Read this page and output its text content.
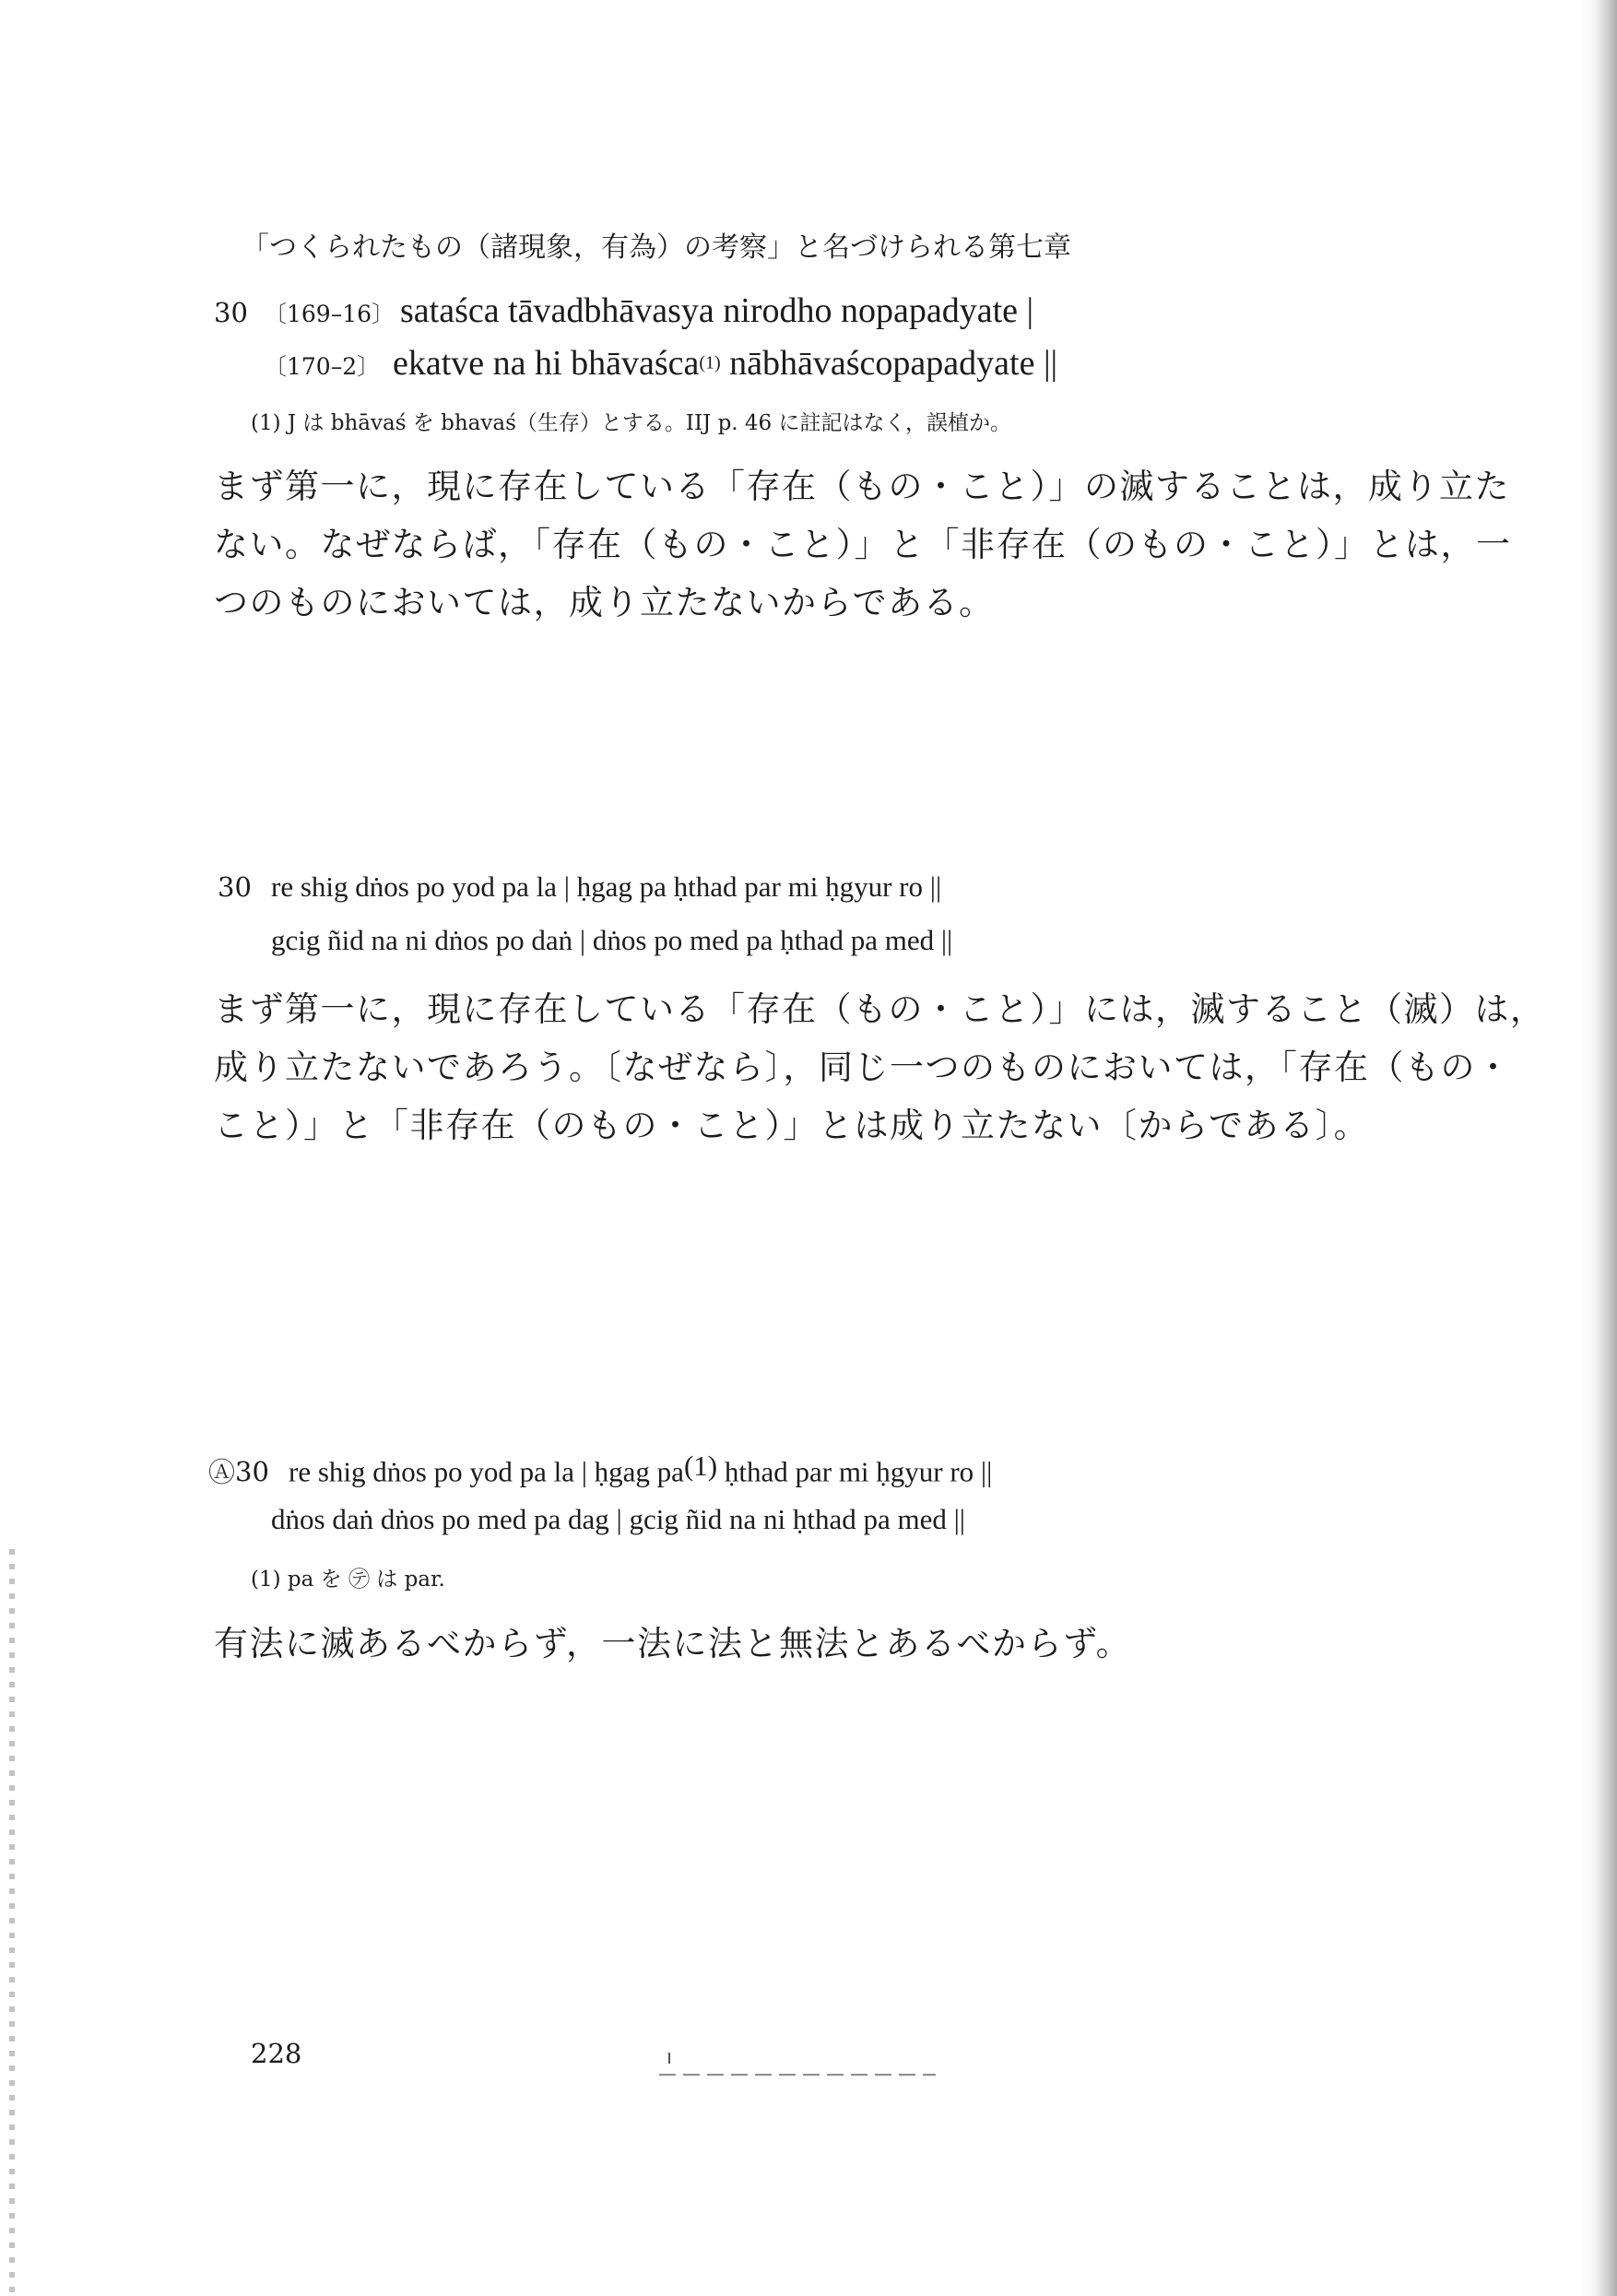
「つくられたもの（諸現象，有為）の考察」と名づけられる第七章
30 〔169–16〕 sataśca tāvadbhāvasya nirodho nopapadyate |
〔170–2〕 ekatve na hi bhāvaśca(1) nābhāvaścopapadyate ||
(1) J は bhāvaś を bhavaś（生存）とする。IIJ p. 46 に註記はなく，誤植か。
まず第一に，現に存在している「存在（もの・こと）」の滅することは，成り立た
ない。なぜならば，「存在（もの・こと）」と「非存在（のもの・こと）」とは，一
つのものにおいては，成り立たないからである。
30 re shig dṅos po yod pa la | ḥgag pa ḥthad par mi ḥgyur ro ||
gcig ñid na ni dṅos po daṅ | dṅos po med pa ḥthad pa med ||
まず第一に，現に存在している「存在（もの・こと）」には，滅すること（滅）は，
成り立たないであろう。〔なぜなら〕，同じ一つのものにおいては，「存在（もの・
こと）」と「非存在（のもの・こと）」とは成り立たない〔からである〕。
Ⓐ30 re shig dṅos po yod pa la | ḥgag pa(1) ḥthad par mi ḥgyur ro ||
dṅos daṅ dṅos po med pa dag | gcig ñid na ni ḥthad pa med ||
(1) pa を ㋢ は par.
有法に滅あるべからず，一法に法と無法とあるべからず。
228
